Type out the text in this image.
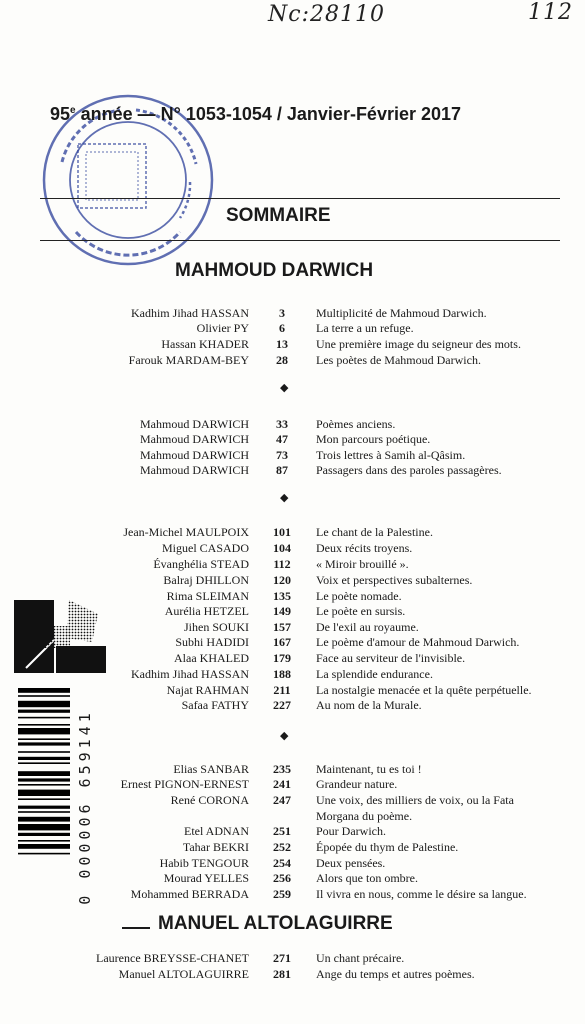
Nc:28110	112
95e année — N° 1053-1054 / Janvier-Février 2017
SOMMAIRE
MAHMOUD DARWICH
Kadhim Jihad HASSAN	3	Multiplicité de Mahmoud Darwich.
Olivier PY	6	La terre a un refuge.
Hassan KHADER	13	Une première image du seigneur des mots.
Farouk MARDAM-BEY	28	Les poètes de Mahmoud Darwich.
Mahmoud DARWICH	33	Poèmes anciens.
Mahmoud DARWICH	47	Mon parcours poétique.
Mahmoud DARWICH	73	Trois lettres à Samih al-Qâsim.
Mahmoud DARWICH	87	Passagers dans des paroles passagères.
Jean-Michel MAULPOIX	101	Le chant de la Palestine.
Miguel CASADO	104	Deux récits troyens.
Évanghélia STEAD	112	« Miroir brouillé ».
Balraj DHILLON	120	Voix et perspectives subalternes.
Rima SLEIMAN	135	Le poète nomade.
Aurélia HETZEL	149	Le poète en sursis.
Jihen SOUKI	157	De l'exil au royaume.
Subhi HADIDI	167	Le poème d'amour de Mahmoud Darwich.
Alaa KHALED	179	Face au serviteur de l'invisible.
Kadhim Jihad HASSAN	188	La splendide endurance.
Najat RAHMAN	211	La nostalgie menacée et la quête perpétuelle.
Safaa FATHY	227	Au nom de la Murale.
Elias SANBAR	235	Maintenant, tu es toi !
Ernest PIGNON-ERNEST	241	Grandeur nature.
René CORONA	247	Une voix, des milliers de voix, ou la Fata
Morgana du poème.
Etel ADNAN	251	Pour Darwich.
Tahar BEKRI	252	Épopée du thym de Palestine.
Habib TENGOUR	254	Deux pensées.
Mourad YELLES	256	Alors que ton ombre.
Mohammed BERRADA	259	Il vivra en nous, comme le désire sa langue.
Laurence BREYSSE-CHANET	271	Un chant précaire.
Manuel ALTOLAGUIRRE	281	Ange du temps et autres poèmes.
◆
◆
◆
MANUEL ALTOLAGUIRRE
0 000006 659141
